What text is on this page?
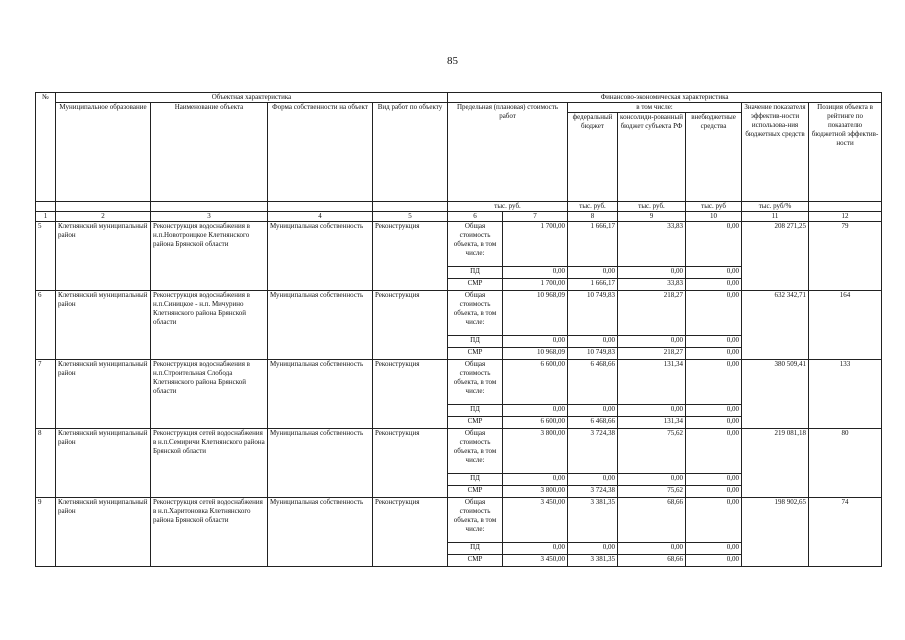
85
№	Объектная характеристика				Финансово-экономическая характеристика						
	Муниципальное образование	Наименование объекта	Форма собственности на объект	Вид работ по объекту	Предельная (плановая) стоимость работ		в том числе:			Значение показателя эффектив-ности использова-ния бюджетных средств	Позиция объекта в рейтинге по показателю бюджетной эффектив-ности
							федеральный бюджет	консолиди-рованный бюджет субъекта РФ	внебюджетные средства		
					тыс. руб.		тыс. руб.	тыс. руб.	тыс. руб	тыс. руб/%	
1	2	3	4	5	6	7	8	9	10	11	12
5	Клетнянский муниципальный район	Реконструкция водоснабжения в н.п.Новотроицкое Клетнянского района Брянской области	Муниципальная собственность	Реконструкция	Общая стоимость объекта, в том числе:	1 700,00	1 666,17	33,83	0,00	208 271,25	79
					ПД	0,00	0,00	0,00	0,00		
					СМР	1 700,00	1 666,17	33,83	0,00		
6	Клетнянский муниципальный район	Реконструкция водоснабжения в н.п.Синицкое - н.п. Мичурино Клетнянского района Брянской области	Муниципальная собственность	Реконструкция	Общая стоимость объекта, в том числе:	10 968,09	10 749,83	218,27	0,00	632 342,71	164
					ПД	0,00	0,00	0,00	0,00		
					СМР	10 968,09	10 749,83	218,27	0,00		
7	Клетнянский муниципальный район	Реконструкция водоснабжения в н.п.Строительная Слобода Клетнянского района Брянской области	Муниципальная собственность	Реконструкция	Общая стоимость объекта, в том числе:	6 600,00	6 468,66	131,34	0,00	380 509,41	133
					ПД	0,00	0,00	0,00	0,00		
					СМР	6 600,00	6 468,66	131,34	0,00		
8	Клетнянский муниципальный район	Реконструкция сетей водоснабжения в н.п.Семиричи Клетнянского района Брянской области	Муниципальная собственность	Реконструкция	Общая стоимость объекта, в том числе:	3 800,00	3 724,38	75,62	0,00	219 081,18	80
					ПД	0,00	0,00	0,00	0,00		
					СМР	3 800,00	3 724,38	75,62	0,00		
9	Клетнянский муниципальный район	Реконструкция сетей водоснабжения в н.п.Харитоновка Клетнянского района Брянской области	Муниципальная собственность	Реконструкция	Общая стоимость объекта, в том числе:	3 450,00	3 381,35	68,66	0,00	198 902,65	74
					ПД	0,00	0,00	0,00	0,00		
					СМР	3 450,00	3 381,35	68,66	0,00		
